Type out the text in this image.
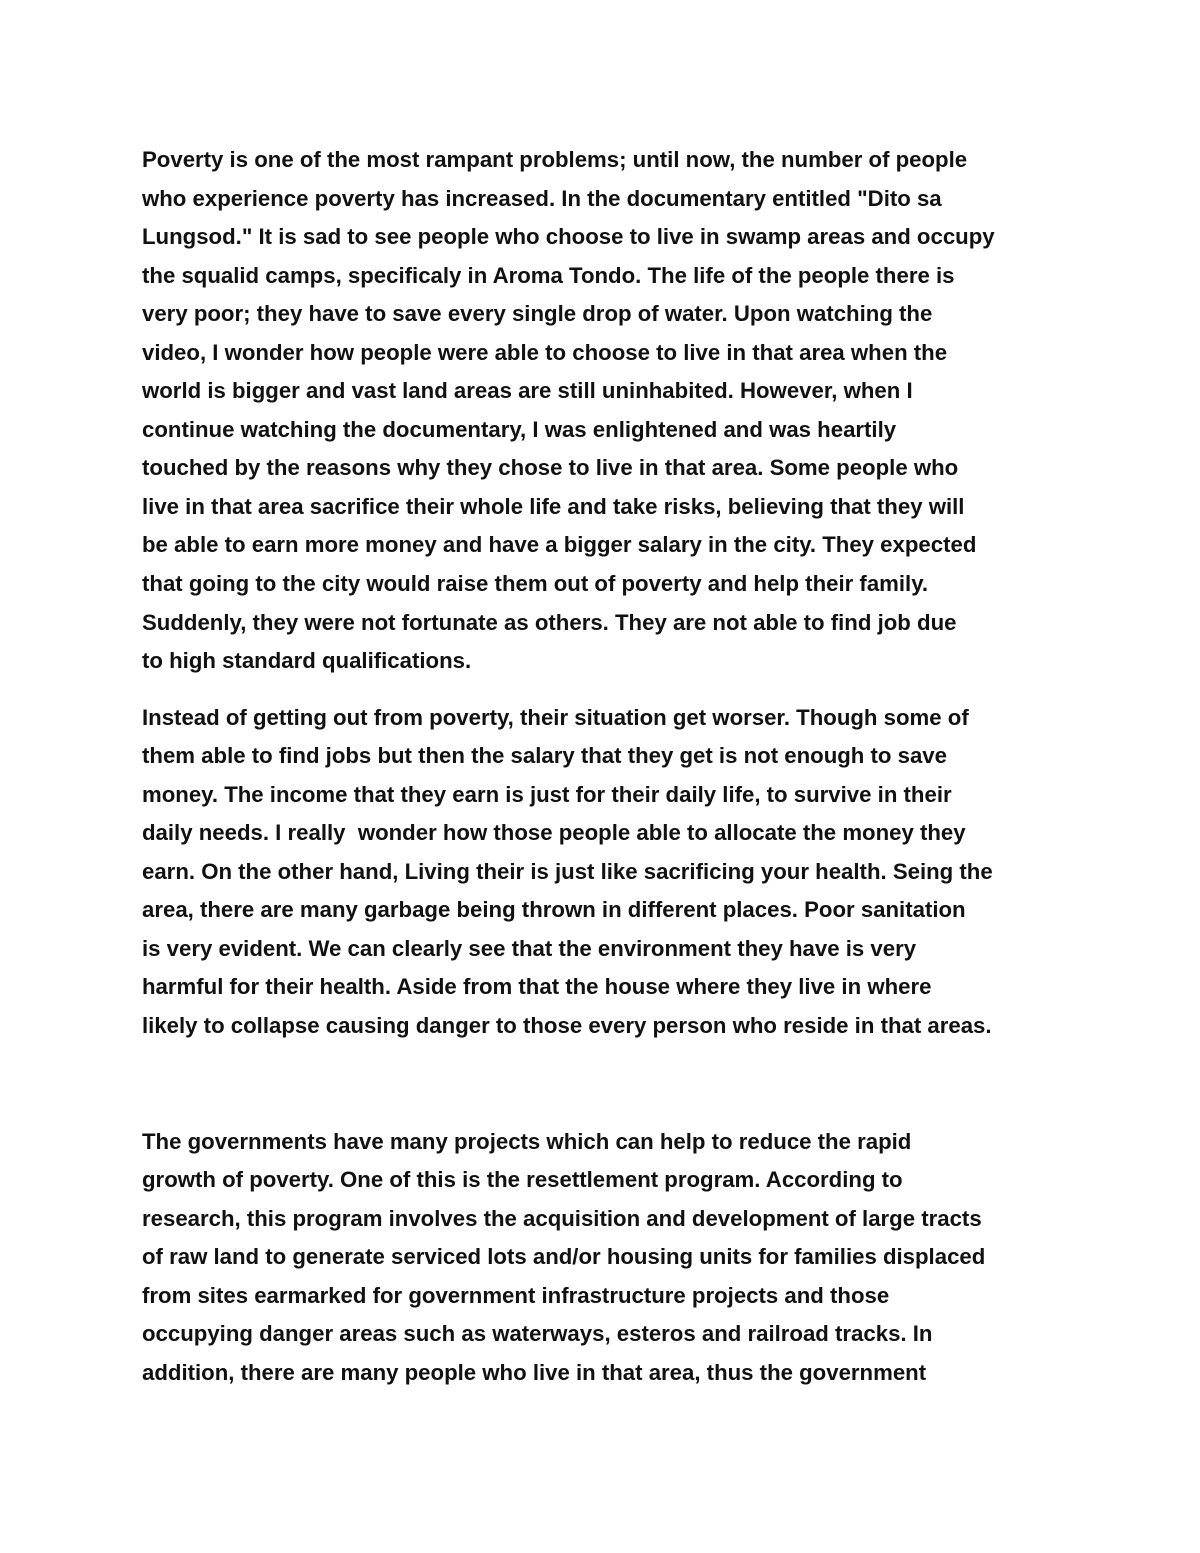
Poverty is one of the most rampant problems; until now, the number of people
who experience poverty has increased. In the documentary entitled "Dito sa
Lungsod." It is sad to see people who choose to live in swamp areas and occupy
the squalid camps, specificaly in Aroma Tondo. The life of the people there is
very poor; they have to save every single drop of water. Upon watching the
video, I wonder how people were able to choose to live in that area when the
world is bigger and vast land areas are still uninhabited. However, when I
continue watching the documentary, I was enlightened and was heartily
touched by the reasons why they chose to live in that area. Some people who
live in that area sacrifice their whole life and take risks, believing that they will
be able to earn more money and have a bigger salary in the city. They expected
that going to the city would raise them out of poverty and help their family.
Suddenly, they were not fortunate as others. They are not able to find job due
to high standard qualifications.
Instead of getting out from poverty, their situation get worser. Though some of
them able to find jobs but then the salary that they get is not enough to save
money. The income that they earn is just for their daily life, to survive in their
daily needs. I really  wonder how those people able to allocate the money they
earn. On the other hand, Living their is just like sacrificing your health. Seing the
area, there are many garbage being thrown in different places. Poor sanitation
is very evident. We can clearly see that the environment they have is very
harmful for their health. Aside from that the house where they live in where
likely to collapse causing danger to those every person who reside in that areas.
The governments have many projects which can help to reduce the rapid
growth of poverty. One of this is the resettlement program. According to
research, this program involves the acquisition and development of large tracts
of raw land to generate serviced lots and/or housing units for families displaced
from sites earmarked for government infrastructure projects and those
occupying danger areas such as waterways, esteros and railroad tracks. In
addition, there are many people who live in that area, thus the government
